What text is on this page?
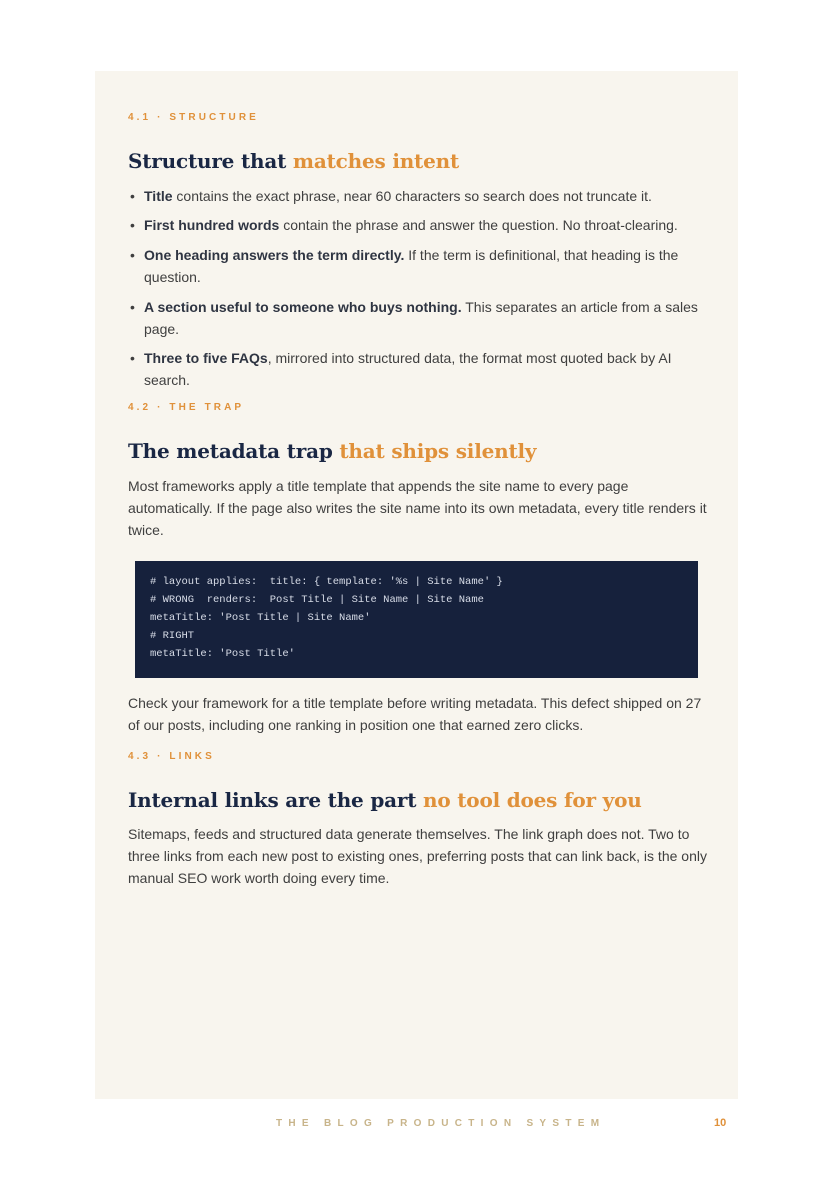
4.1 · STRUCTURE
Structure that matches intent
• Title contains the exact phrase, near 60 characters so search does not truncate it.
• First hundred words contain the phrase and answer the question. No throat-clearing.
• One heading answers the term directly. If the term is definitional, that heading is the question.
• A section useful to someone who buys nothing. This separates an article from a sales page.
• Three to five FAQs, mirrored into structured data, the format most quoted back by AI search.
4.2 · THE TRAP
The metadata trap that ships silently

Most frameworks apply a title template that appends the site name to every page automatically. If the page also writes the site name into its own metadata, every title renders it twice.

# layout applies:  title: { template: '%s | Site Name' }
# WRONG  renders:  Post Title | Site Name | Site Name
metaTitle: 'Post Title | Site Name'
# RIGHT
metaTitle: 'Post Title'

Check your framework for a title template before writing metadata. This defect shipped on 27 of our posts, including one ranking in position one that earned zero clicks.

4.3 · LINKS
Internal links are the part no tool does for you

Sitemaps, feeds and structured data generate themselves. The link graph does not. Two to three links from each new post to existing ones, preferring posts that can link back, is the only manual SEO work worth doing every time.

THE BLOG PRODUCTION SYSTEM	10
